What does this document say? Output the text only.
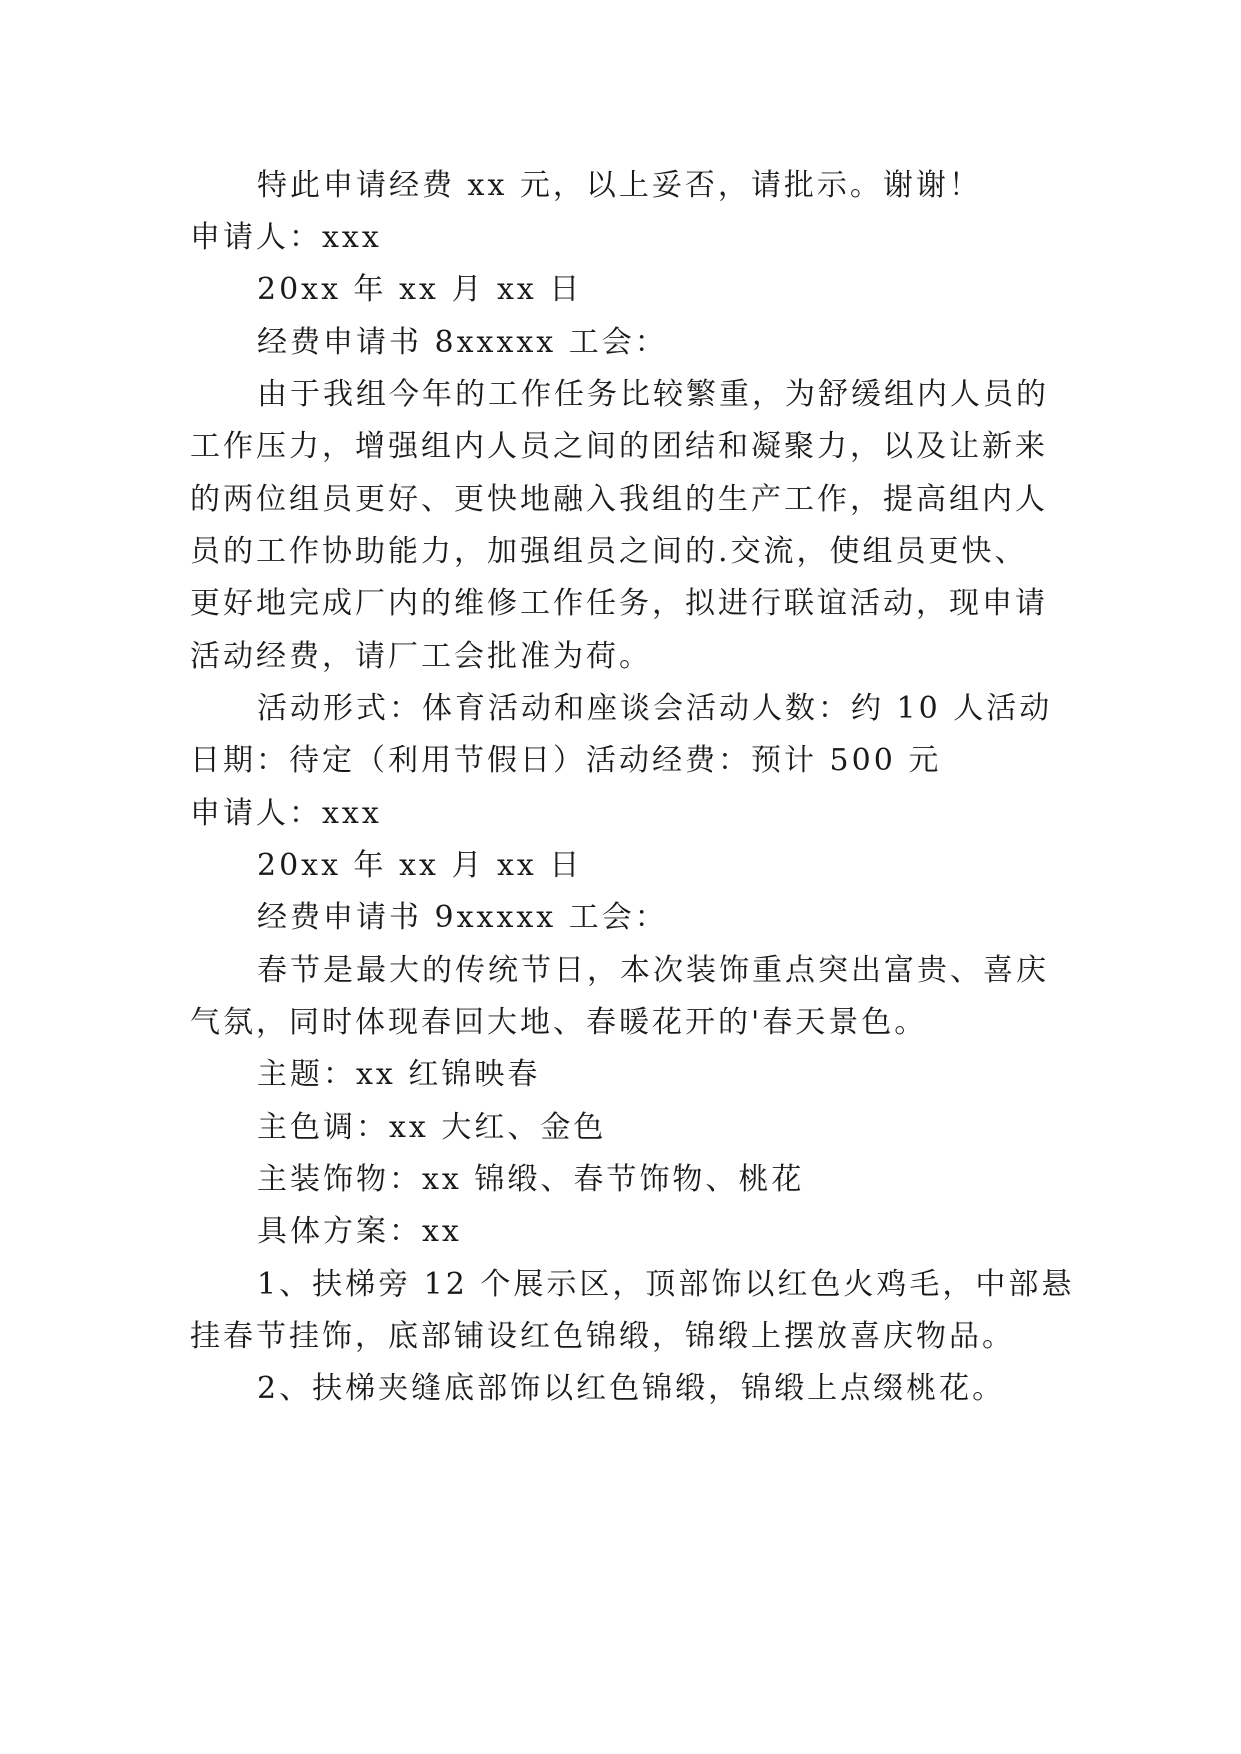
特此申请经费 xx 元，以上妥否，请批示。谢谢！
申请人：xxx
20xx 年 xx 月 xx 日
经费申请书 8xxxxx 工会：
由于我组今年的工作任务比较繁重，为舒缓组内人员的
工作压力，增强组内人员之间的团结和凝聚力，以及让新来
的两位组员更好、更快地融入我组的生产工作，提高组内人
员的工作协助能力，加强组员之间的.交流，使组员更快、
更好地完成厂内的维修工作任务，拟进行联谊活动，现申请
活动经费，请厂工会批准为荷。
活动形式：体育活动和座谈会活动人数：约 10 人活动
日期：待定（利用节假日）活动经费：预计 500 元
申请人：xxx
20xx 年 xx 月 xx 日
经费申请书 9xxxxx 工会：
春节是最大的传统节日，本次装饰重点突出富贵、喜庆
气氛，同时体现春回大地、春暖花开的'春天景色。
主题：xx 红锦映春
主色调：xx 大红、金色
主装饰物：xx 锦缎、春节饰物、桃花
具体方案：xx
1、扶梯旁 12 个展示区，顶部饰以红色火鸡毛，中部悬
挂春节挂饰，底部铺设红色锦缎，锦缎上摆放喜庆物品。
2、扶梯夹缝底部饰以红色锦缎，锦缎上点缀桃花。
